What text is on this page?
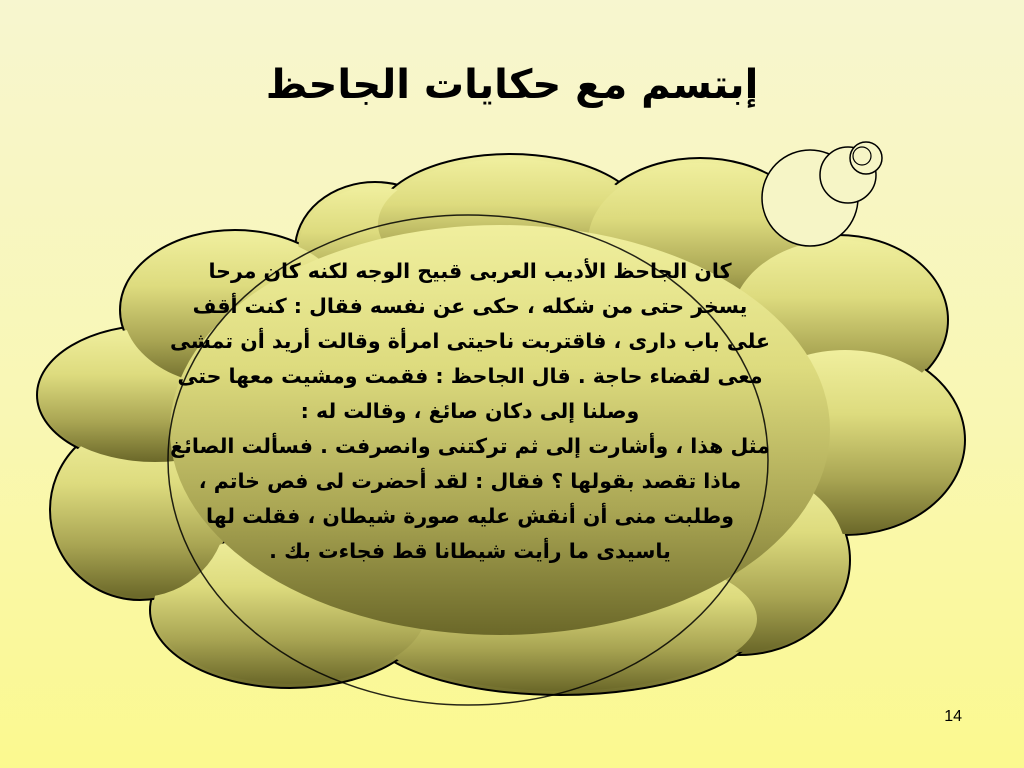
إبتسم مع حكايات الجاحظ
كان الجاحظ الأديب العربى قبيح الوجه لكنه كان مرحا
يسخر حتى من شكله ، حكى عن نفسه فقال : كنت أقف على باب دارى ، فاقتربت ناحيتى امرأة وقالت أريد أن تمشى معى لقضاء حاجة . قال الجاحظ : فقمت ومشيت معها حتى وصلنا إلى دكان صائغ ، وقالت له :
مثل هذا ، وأشارت إلى ثم تركتنى وانصرفت . فسألت الصائغ ماذا تقصد بقولها ؟ فقال : لقد أحضرت لى فص خاتم ، وطلبت منى أن أنقش عليه صورة شيطان ، فقلت لها ياسيدى ما رأيت شيطانا قط فجاءت بك .
14
